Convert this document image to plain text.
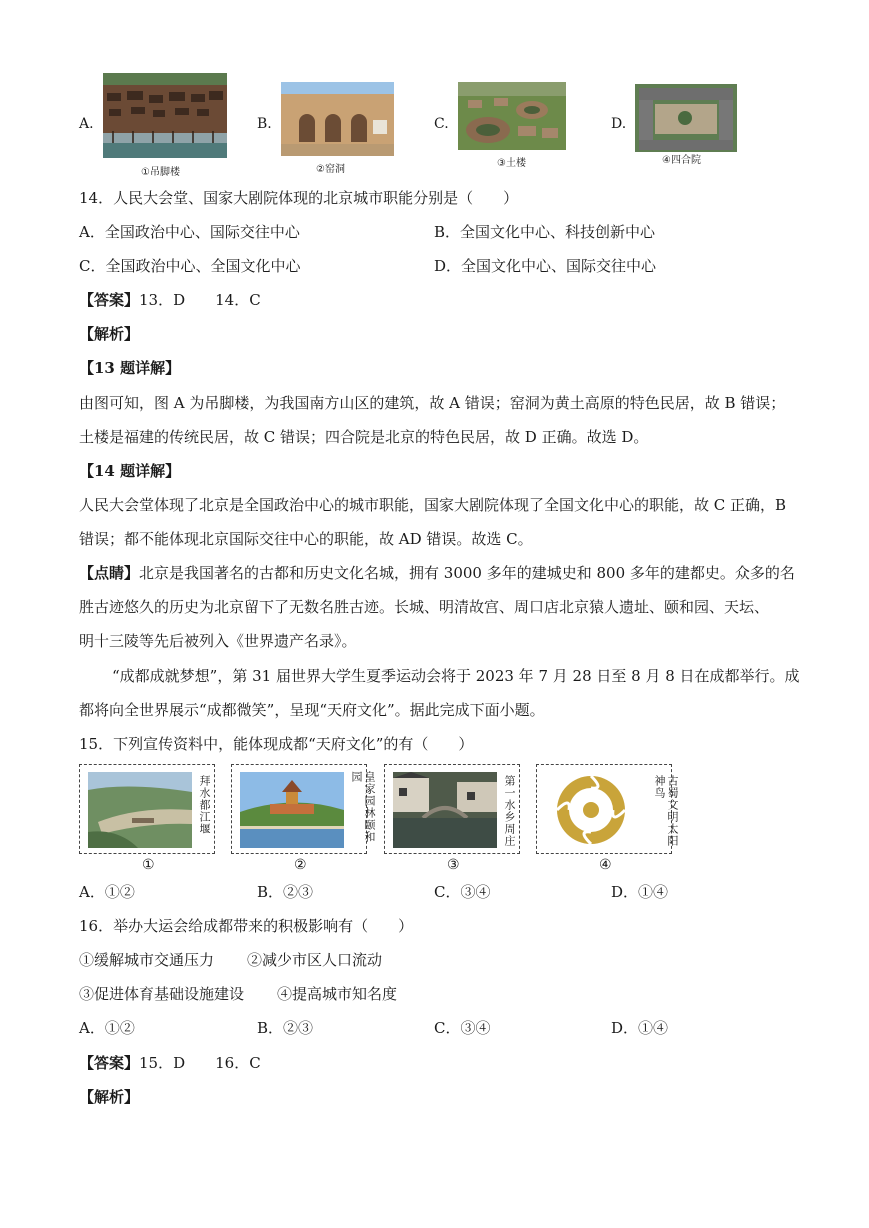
A.
①吊脚楼
B.
②窑洞
C.
③土楼
D.
④四合院
14．人民大会堂、国家大剧院体现的北京城市职能分别是（　　）
A．全国政治中心、国际交往中心	B．全国文化中心、科技创新中心
C．全国政治中心、全国文化中心	D．全国文化中心、国际交往中心
【答案】13．D　　14．C
【解析】
【13 题详解】
由图可知，图 A 为吊脚楼，为我国南方山区的建筑，故 A 错误；窑洞为黄土高原的特色民居，故 B 错误；
土楼是福建的传统民居，故 C 错误；四合院是北京的特色民居，故 D 正确。故选 D。
【14 题详解】
人民大会堂体现了北京是全国政治中心的城市职能，国家大剧院体现了全国文化中心的职能，故 C 正确，B
错误；都不能体现北京国际交往中心的职能，故 AD 错误。故选 C。
【点睛】北京是我国著名的古都和历史文化名城，拥有 3000 多年的建城史和 800 多年的建都史。众多的名
胜古迹悠久的历史为北京留下了无数名胜古迹。长城、明清故宫、周口店北京猿人遗址、颐和园、天坛、
明十三陵等先后被列入《世界遗产名录》。
“成都成就梦想”，第 31 届世界大学生夏季运动会将于 2023 年 7 月 28 日至 8 月 8 日在成都举行。成
都将向全世界展示“成都微笑”，呈现“天府文化”。据此完成下面小题。
15．下列宣传资料中，能体现成都“天府文化”的有（　　）
拜水都江堰
①
皇家园林颐和园
②
第一水乡周庄
③
古蜀文明太阳神鸟
④
A．①②	B．②③	C．③④	D．①④
16．举办大运会给成都带来的积极影响有（　　）
①缓解城市交通压力 ②减少市区人口流动
③促进体育基础设施建设 ④提高城市知名度
A．①②	B．②③	C．③④	D．①④
【答案】15．D　　16．C
【解析】
